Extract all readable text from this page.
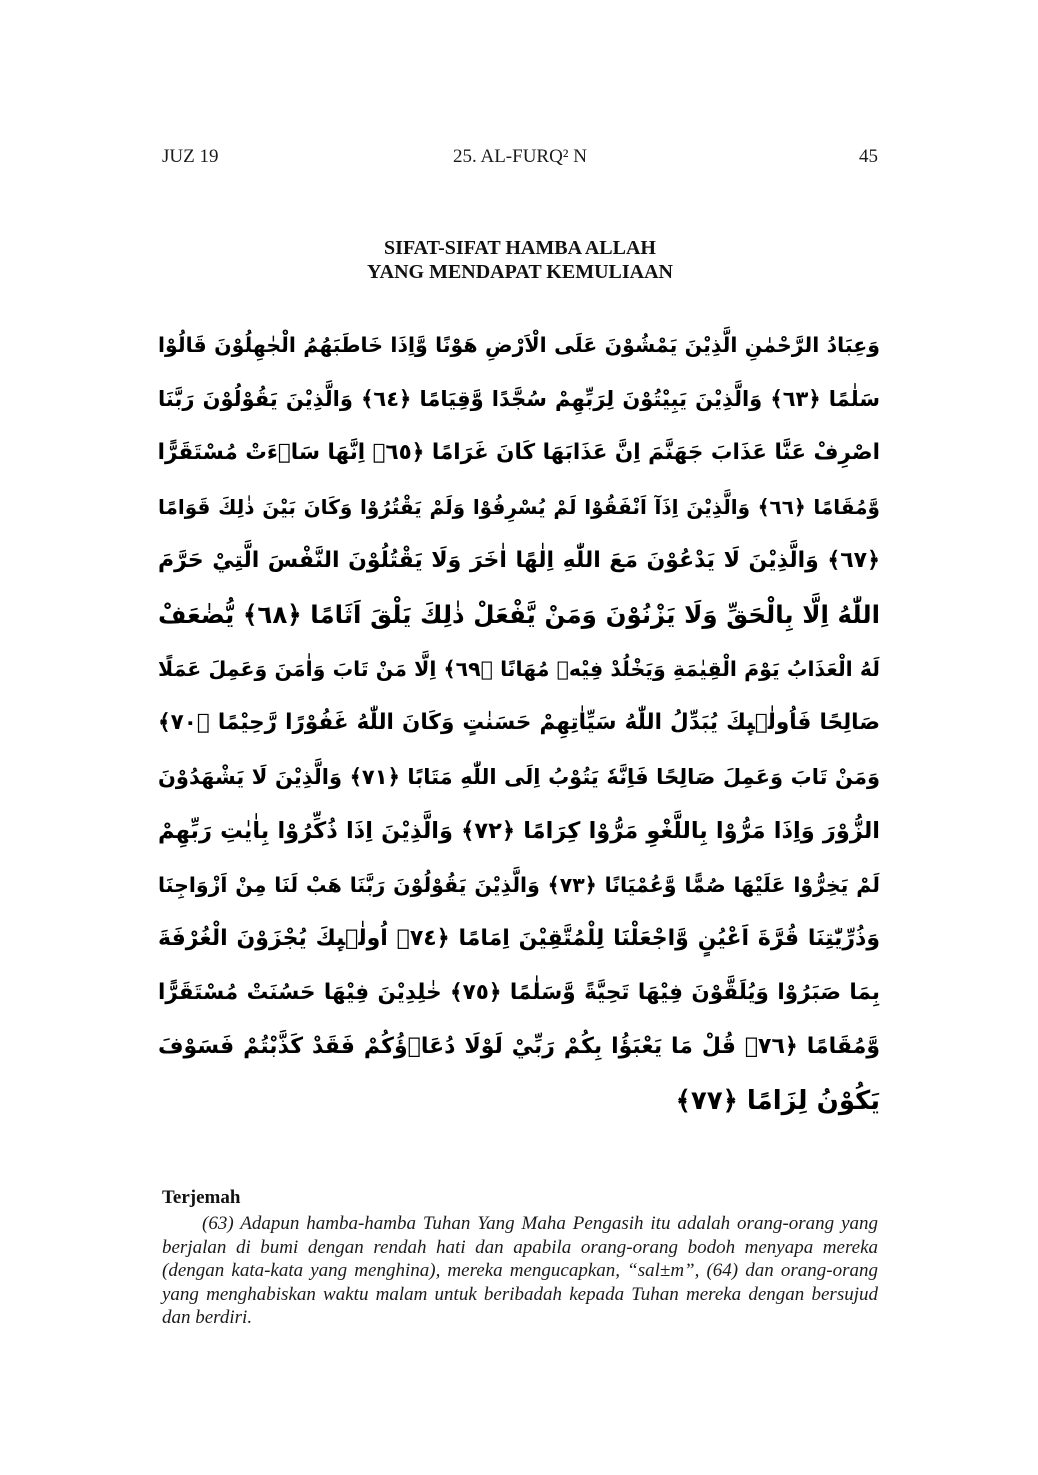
JUZ 19	25. AL-FURQ² N	45
SIFAT-SIFAT HAMBA ALLAH
YANG MENDAPAT KEMULIAAN
وَعِبَادُ الرَّحْمٰنِ الَّذِيْنَ يَمْشُوْنَ عَلَى الْاَرْضِ هَوْنًا وَّاِذَا خَاطَبَهُمُ الْجٰهِلُوْنَ قَالُوْا
سَلٰمًا ﴿٦٣﴾ وَالَّذِيْنَ يَبِيْتُوْنَ لِرَبِّهِمْ سُجَّدًا وَّقِيَامًا ﴿٦٤﴾ وَالَّذِيْنَ يَقُوْلُوْنَ رَبَّنَا
اصْرِفْ عَنَّا عَذَابَ جَهَنَّمَ اِنَّ عَذَابَهَا كَانَ غَرَامًا ﴿٦٥﴾ اِنَّهَا سَاۤءَتْ مُسْتَقَرًّا
وَّمُقَامًا ﴿٦٦﴾ وَالَّذِيْنَ اِذَآ اَنْفَقُوْا لَمْ يُسْرِفُوْا وَلَمْ يَقْتُرُوْا وَكَانَ بَيْنَ ذٰلِكَ قَوَامًا
﴿٦٧﴾ وَالَّذِيْنَ لَا يَدْعُوْنَ مَعَ اللّٰهِ اِلٰهًا اٰخَرَ وَلَا يَقْتُلُوْنَ النَّفْسَ الَّتِيْ حَرَّمَ
اللّٰهُ اِلَّا بِالْحَقِّ وَلَا يَزْنُوْنَ وَمَنْ يَّفْعَلْ ذٰلِكَ يَلْقَ اَثَامًا ﴿٦٨﴾ يُّضٰعَفْ
لَهُ الْعَذَابُ يَوْمَ الْقِيٰمَةِ وَيَخْلُدْ فِيْهٖ مُهَانًا ﴿٦٩﴾ اِلَّا مَنْ تَابَ وَاٰمَنَ وَعَمِلَ عَمَلًا
صَالِحًا فَاُولٰۤىِٕكَ يُبَدِّلُ اللّٰهُ سَيِّاٰتِهِمْ حَسَنٰتٍ وَكَانَ اللّٰهُ غَفُوْرًا رَّحِيْمًا ﴿٧٠﴾
وَمَنْ تَابَ وَعَمِلَ صَالِحًا فَاِنَّهٗ يَتُوْبُ اِلَى اللّٰهِ مَتَابًا ﴿٧١﴾ وَالَّذِيْنَ لَا يَشْهَدُوْنَ
الزُّوْرَ وَاِذَا مَرُّوْا بِاللَّغْوِ مَرُّوْا كِرَامًا ﴿٧٢﴾ وَالَّذِيْنَ اِذَا ذُكِّرُوْا بِاٰيٰتِ رَبِّهِمْ
لَمْ يَخِرُّوْا عَلَيْهَا صُمًّا وَّعُمْيَانًا ﴿٧٣﴾ وَالَّذِيْنَ يَقُوْلُوْنَ رَبَّنَا هَبْ لَنَا مِنْ اَزْوَاجِنَا
وَذُرِّيّٰتِنَا قُرَّةَ اَعْيُنٍ وَّاجْعَلْنَا لِلْمُتَّقِيْنَ اِمَامًا ﴿٧٤﴾ اُولٰۤىِٕكَ يُجْزَوْنَ الْغُرْفَةَ
بِمَا صَبَرُوْا وَيُلَقَّوْنَ فِيْهَا تَحِيَّةً وَّسَلٰمًا ﴿٧٥﴾ خٰلِدِيْنَ فِيْهَا حَسُنَتْ مُسْتَقَرًّا
وَّمُقَامًا ﴿٧٦﴾ قُلْ مَا يَعْبَؤُا بِكُمْ رَبِّيْ لَوْلَا دُعَاۤؤُكُمْ فَقَدْ كَذَّبْتُمْ فَسَوْفَ
يَكُوْنُ لِزَامًا ﴿٧٧﴾
Terjemah

(63) Adapun hamba-hamba Tuhan Yang Maha Pengasih itu adalah orang-orang yang berjalan di bumi dengan rendah hati dan apabila orang-orang bodoh menyapa mereka (dengan kata-kata yang menghina), mereka mengucapkan, “sal±m”, (64) dan orang-orang yang menghabiskan waktu malam untuk beribadah kepada Tuhan mereka dengan bersujud dan berdiri.
